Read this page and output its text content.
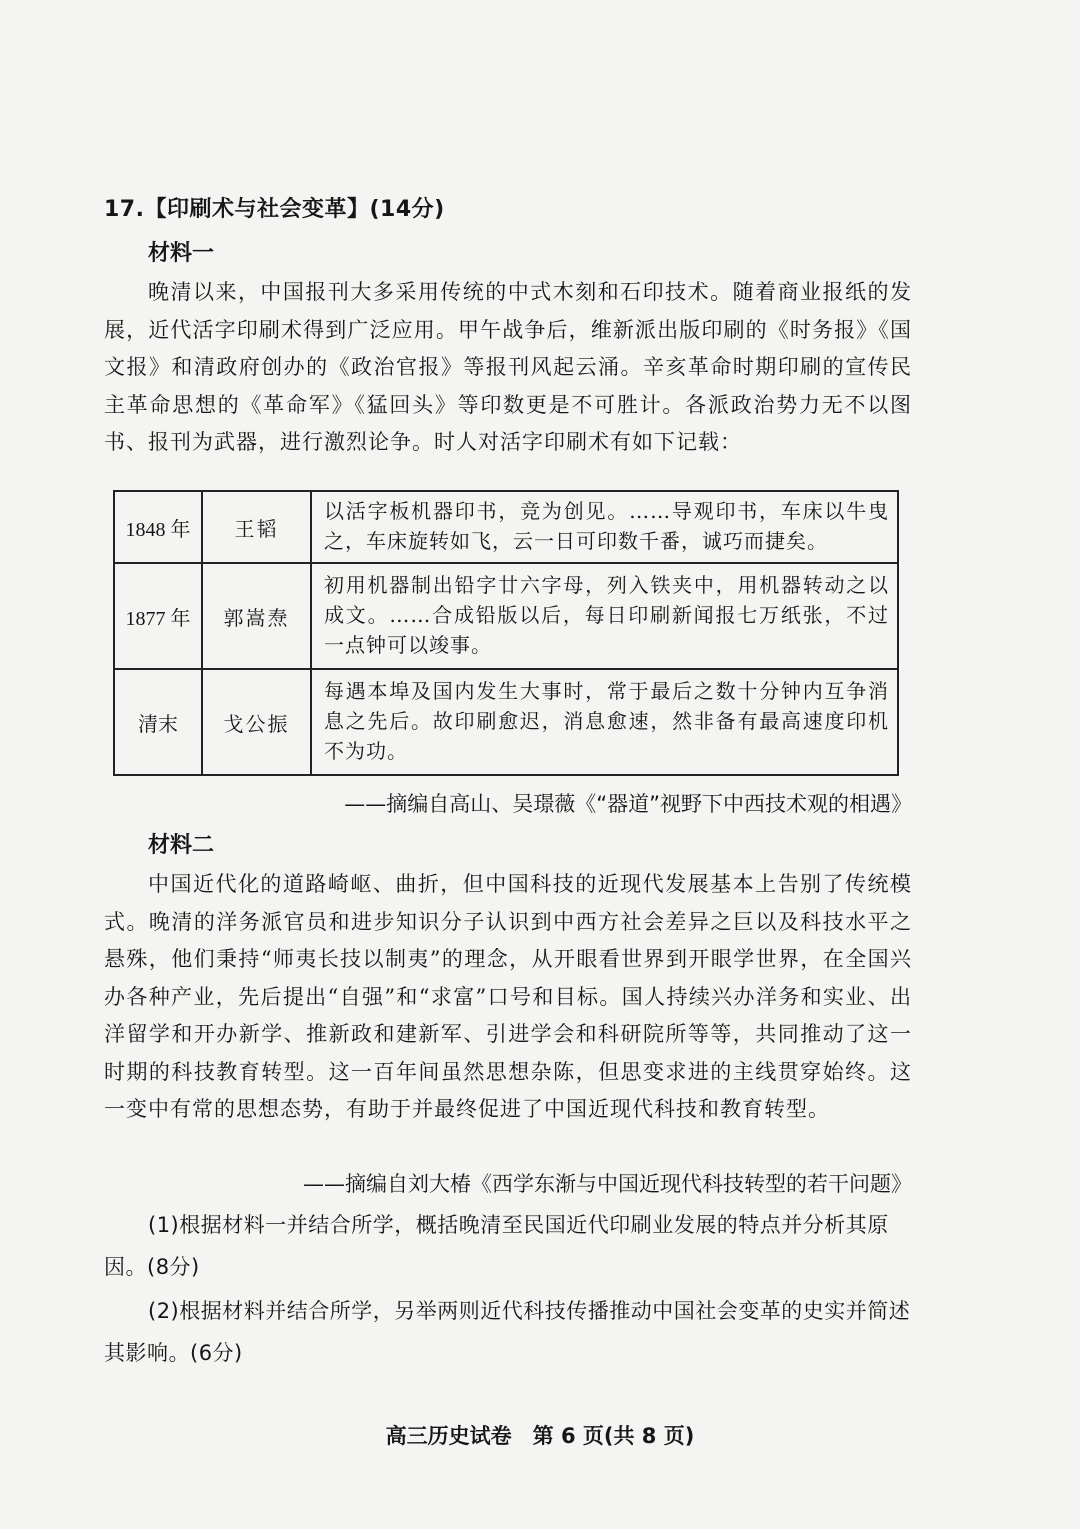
17.【印刷术与社会变革】(14分)
材料一
晚清以来，中国报刊大多采用传统的中式木刻和石印技术。随着商业报纸的发展，近代活字印刷术得到广泛应用。甲午战争后，维新派出版印刷的《时务报》《国文报》和清政府创办的《政治官报》等报刊风起云涌。辛亥革命时期印刷的宣传民主革命思想的《革命军》《猛回头》等印数更是不可胜计。各派政治势力无不以图书、报刊为武器，进行激烈论争。时人对活字印刷术有如下记载：
1848 年	王韬	以活字板机器印书，竞为创见。……导观印书，车床以牛曳之，车床旋转如飞，云一日可印数千番，诚巧而捷矣。
1877 年	郭嵩焘	初用机器制出铅字廿六字母，列入铁夹中，用机器转动之以成文。……合成铅版以后，每日印刷新闻报七万纸张，不过一点钟可以竣事。
清末	戈公振	每遇本埠及国内发生大事时，常于最后之数十分钟内互争消息之先后。故印刷愈迟，消息愈速，然非备有最高速度印机不为功。
——摘编自高山、吴璟薇《“器道”视野下中西技术观的相遇》
材料二
中国近代化的道路崎岖、曲折，但中国科技的近现代发展基本上告别了传统模式。晚清的洋务派官员和进步知识分子认识到中西方社会差异之巨以及科技水平之悬殊，他们秉持“师夷长技以制夷”的理念，从开眼看世界到开眼学世界，在全国兴办各种产业，先后提出“自强”和“求富”口号和目标。国人持续兴办洋务和实业、出洋留学和开办新学、推新政和建新军、引进学会和科研院所等等，共同推动了这一时期的科技教育转型。这一百年间虽然思想杂陈，但思变求进的主线贯穿始终。这一变中有常的思想态势，有助于并最终促进了中国近现代科技和教育转型。
——摘编自刘大椿《西学东渐与中国近现代科技转型的若干问题》
(1)根据材料一并结合所学，概括晚清至民国近代印刷业发展的特点并分析其原因。(8分)
(2)根据材料并结合所学，另举两则近代科技传播推动中国社会变革的史实并简述其影响。(6分)
高三历史试卷　第 6 页(共 8 页)
